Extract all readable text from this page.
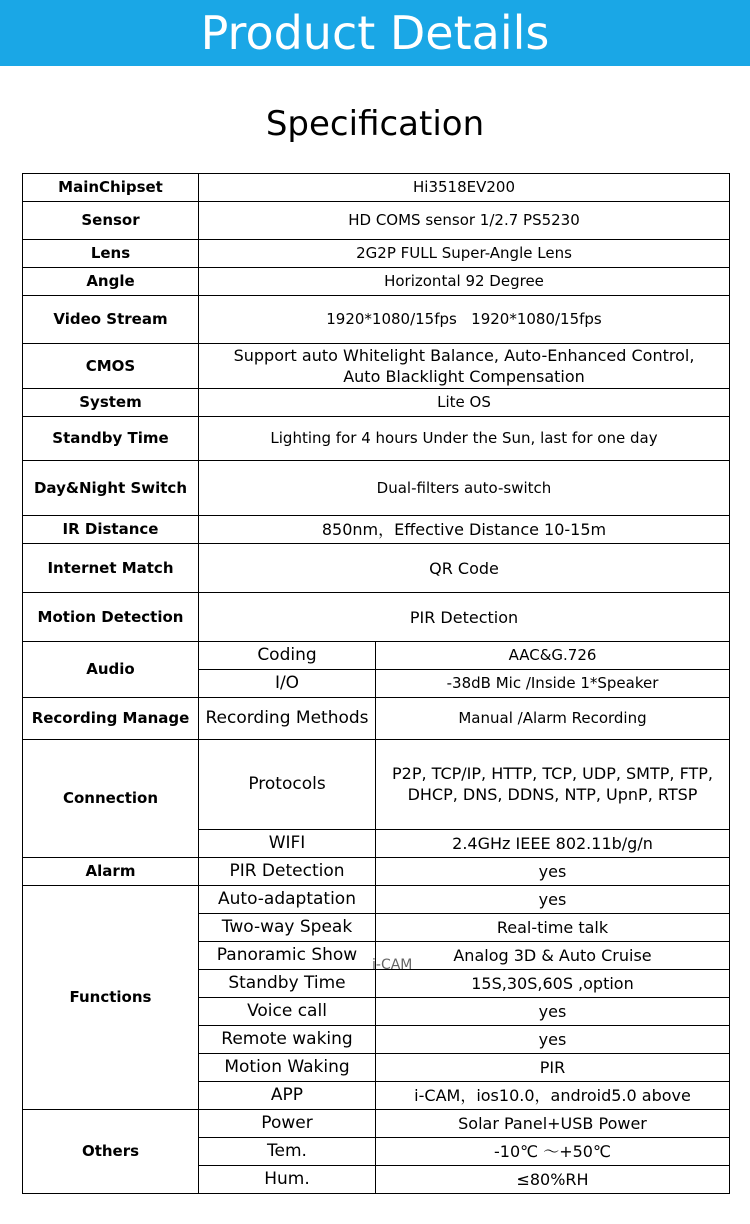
Product Details
Specification
MainChipset	Hi3518EV200	
Sensor	HD COMS sensor 1/2.7 PS5230	
Lens	2G2P FULL Super-Angle Lens	
Angle	Horizontal 92 Degree	
Video Stream	1920*1080/15fps   1920*1080/15fps	
CMOS	Support auto Whitelight Balance, Auto-Enhanced Control, Auto Blacklight Compensation	
System	Lite OS	
Standby Time	Lighting for 4 hours Under the Sun, last for one day	
Day&Night Switch	Dual-filters auto-switch	
IR Distance	850nm，Effective Distance 10-15m	
Internet Match	QR Code	
Motion Detection	PIR Detection	
Audio	Coding	AAC&G.726
	I/O	-38dB Mic /Inside 1*Speaker
Recording Manage	Recording Methods	Manual /Alarm Recording
Connection	Protocols	P2P, TCP/IP, HTTP, TCP, UDP, SMTP, FTP, DHCP, DNS, DDNS, NTP, UpnP, RTSP
	WIFI	2.4GHz IEEE 802.11b/g/n
Alarm	PIR Detection	yes
Functions	Auto-adaptation	yes
	Two-way Speak	Real-time talk
	Panoramic Show	Analog 3D & Auto Cruise
	Standby Time	15S,30S,60S ,option
	Voice call	yes
	Remote waking	yes
	Motion Waking	PIR
	APP	i-CAM，ios10.0，android5.0 above
Others	Power	Solar Panel+USB Power
	Tem.	-10℃ ～+50℃
	Hum.	≤80%RH
i-CAM
